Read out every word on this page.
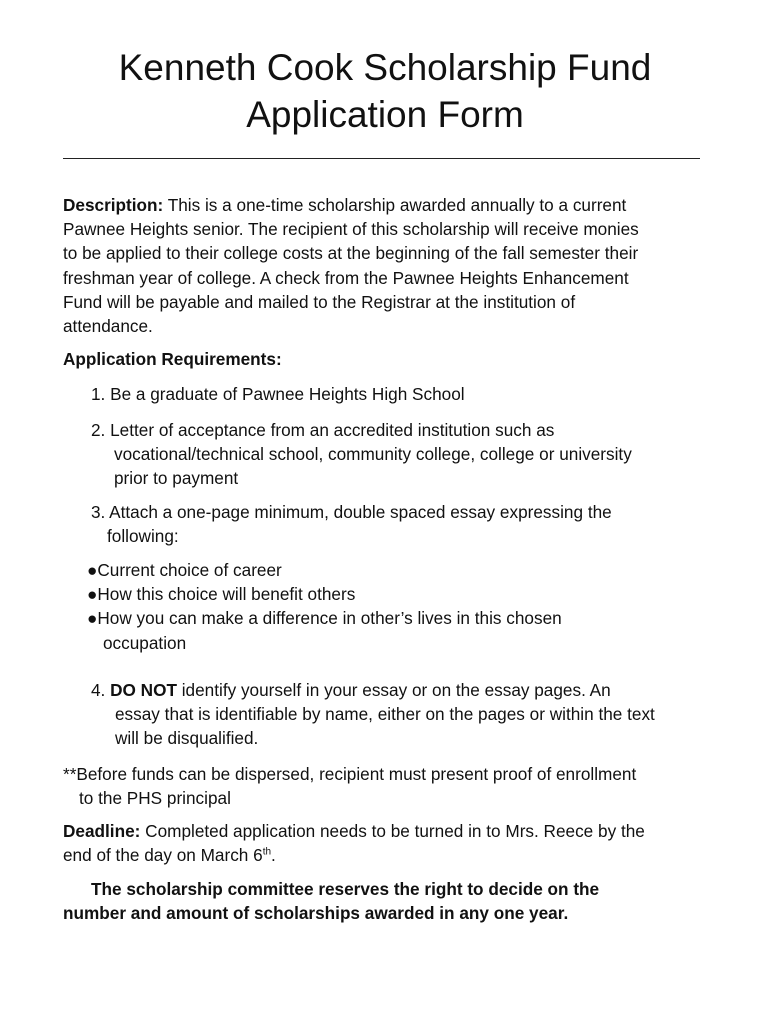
Kenneth Cook Scholarship Fund
Application Form
Description: This is a one-time scholarship awarded annually to a current
Pawnee Heights senior. The recipient of this scholarship will receive monies
to be applied to their college costs at the beginning of the fall semester their
freshman year of college. A check from the Pawnee Heights Enhancement
Fund will be payable and mailed to the Registrar at the institution of
attendance.
Application Requirements:
1. Be a graduate of Pawnee Heights High School
2. Letter of acceptance from an accredited institution such as
vocational/technical school, community college, college or university
prior to payment
3. Attach a one-page minimum, double spaced essay expressing the
following:
●Current choice of career
●How this choice will benefit others
●How you can make a difference in other’s lives in this chosen
occupation
4. DO NOT identify yourself in your essay or on the essay pages. An
essay that is identifiable by name, either on the pages or within the text
will be disqualified.
**Before funds can be dispersed, recipient must present proof of enrollment
to the PHS principal
Deadline: Completed application needs to be turned in to Mrs. Reece by the
end of the day on March 6th.
The scholarship committee reserves the right to decide on the
number and amount of scholarships awarded in any one year.
